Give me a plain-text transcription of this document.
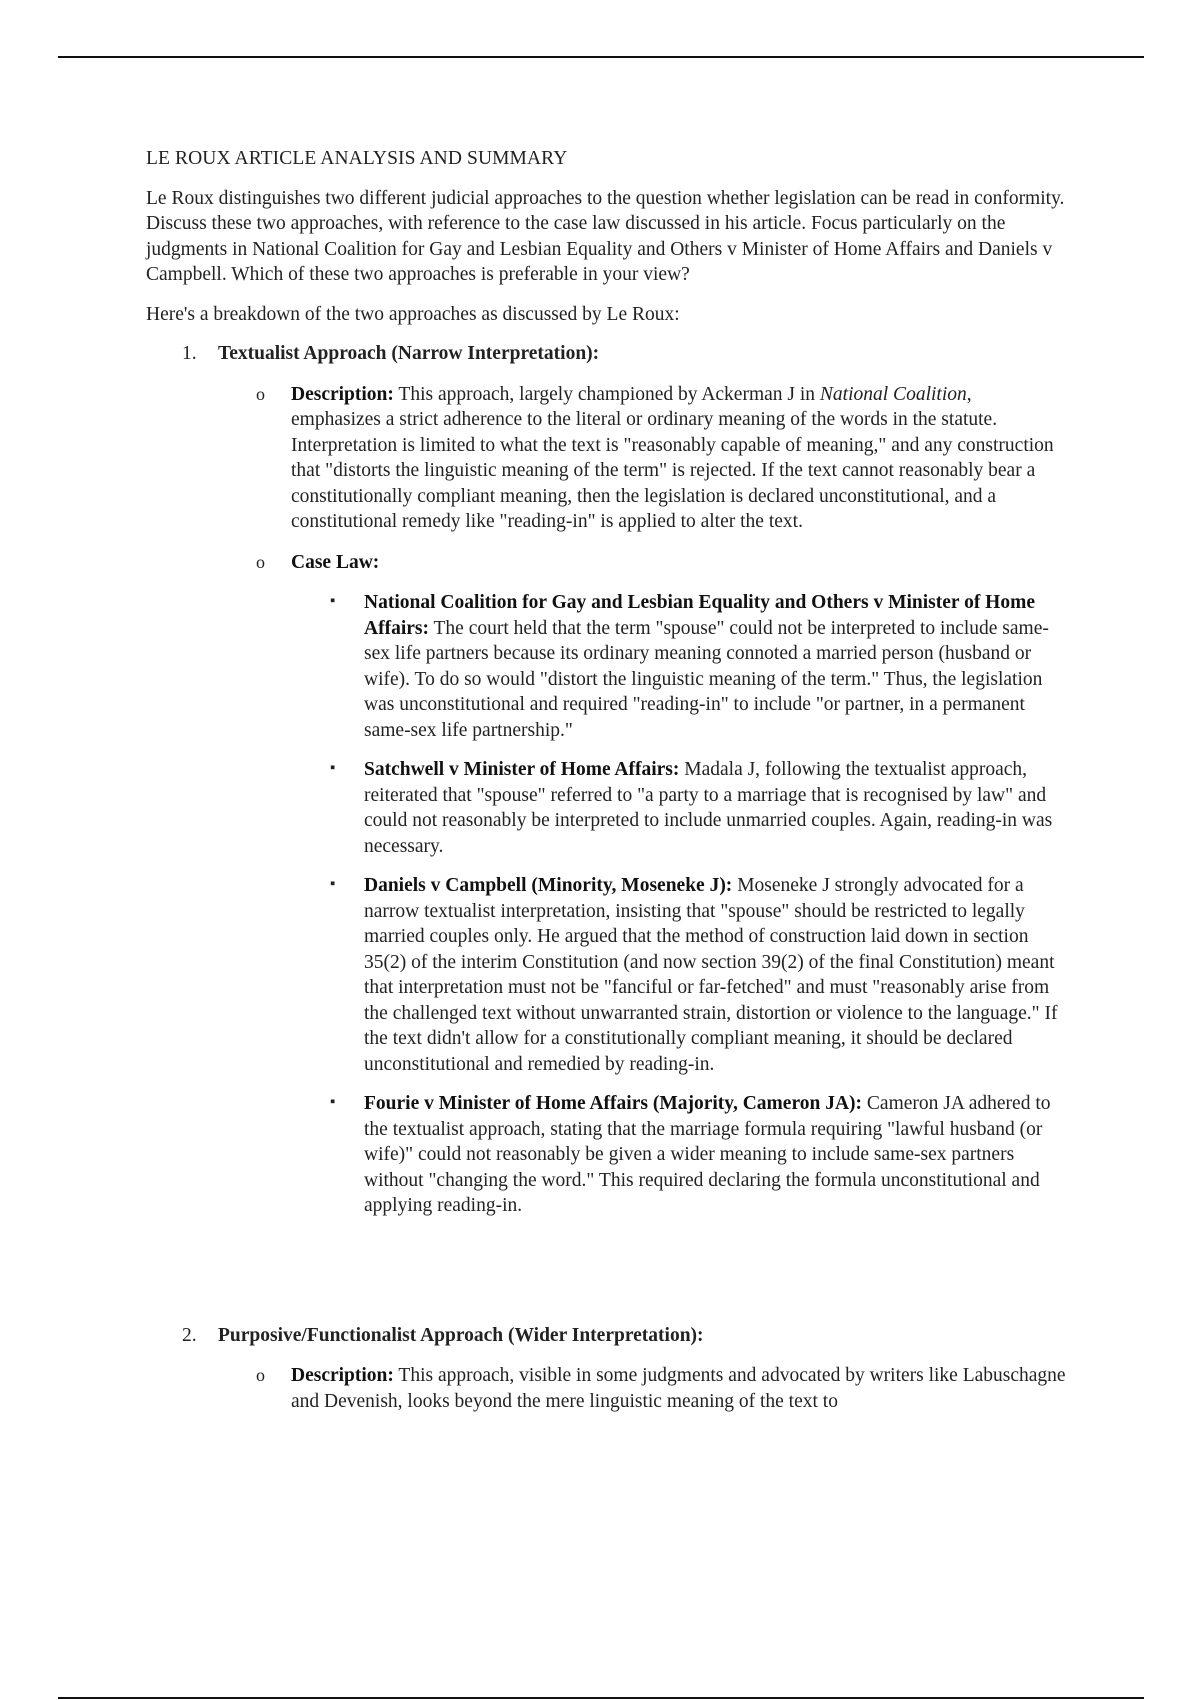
LE ROUX ARTICLE ANALYSIS AND SUMMARY

Le Roux distinguishes two different judicial approaches to the question whether legislation can be read in conformity. Discuss these two approaches, with reference to the case law discussed in his article. Focus particularly on the judgments in National Coalition for Gay and Lesbian Equality and Others v Minister of Home Affairs and Daniels v Campbell. Which of these two approaches is preferable in your view?

Here's a breakdown of the two approaches as discussed by Le Roux:

1. Textualist Approach (Narrow Interpretation):

o Description: This approach, largely championed by Ackerman J in National Coalition, emphasizes a strict adherence to the literal or ordinary meaning of the words in the statute. Interpretation is limited to what the text is "reasonably capable of meaning," and any construction that "distorts the linguistic meaning of the term" is rejected. If the text cannot reasonably bear a constitutionally compliant meaning, then the legislation is declared unconstitutional, and a constitutional remedy like "reading-in" is applied to alter the text.
o Case Law:
▪ National Coalition for Gay and Lesbian Equality and Others v Minister of Home Affairs: The court held that the term "spouse" could not be interpreted to include same-sex life partners because its ordinary meaning connoted a married person (husband or wife). To do so would "distort the linguistic meaning of the term." Thus, the legislation was unconstitutional and required "reading-in" to include "or partner, in a permanent same-sex life partnership."
▪ Satchwell v Minister of Home Affairs: Madala J, following the textualist approach, reiterated that "spouse" referred to "a party to a marriage that is recognised by law" and could not reasonably be interpreted to include unmarried couples. Again, reading-in was necessary.
▪ Daniels v Campbell (Minority, Moseneke J): Moseneke J strongly advocated for a narrow textualist interpretation, insisting that "spouse" should be restricted to legally married couples only. He argued that the method of construction laid down in section 35(2) of the interim Constitution (and now section 39(2) of the final Constitution) meant that interpretation must not be "fanciful or far-fetched" and must "reasonably arise from the challenged text without unwarranted strain, distortion or violence to the language." If the text didn't allow for a constitutionally compliant meaning, it should be declared unconstitutional and remedied by reading-in.
▪ Fourie v Minister of Home Affairs (Majority, Cameron JA): Cameron JA adhered to the textualist approach, stating that the marriage formula requiring "lawful husband (or wife)" could not reasonably be given a wider meaning to include same-sex partners without "changing the word." This required declaring the formula unconstitutional and applying reading-in.
2. Purposive/Functionalist Approach (Wider Interpretation):

o Description: This approach, visible in some judgments and advocated by writers like Labuschagne and Devenish, looks beyond the mere linguistic meaning of the text to
